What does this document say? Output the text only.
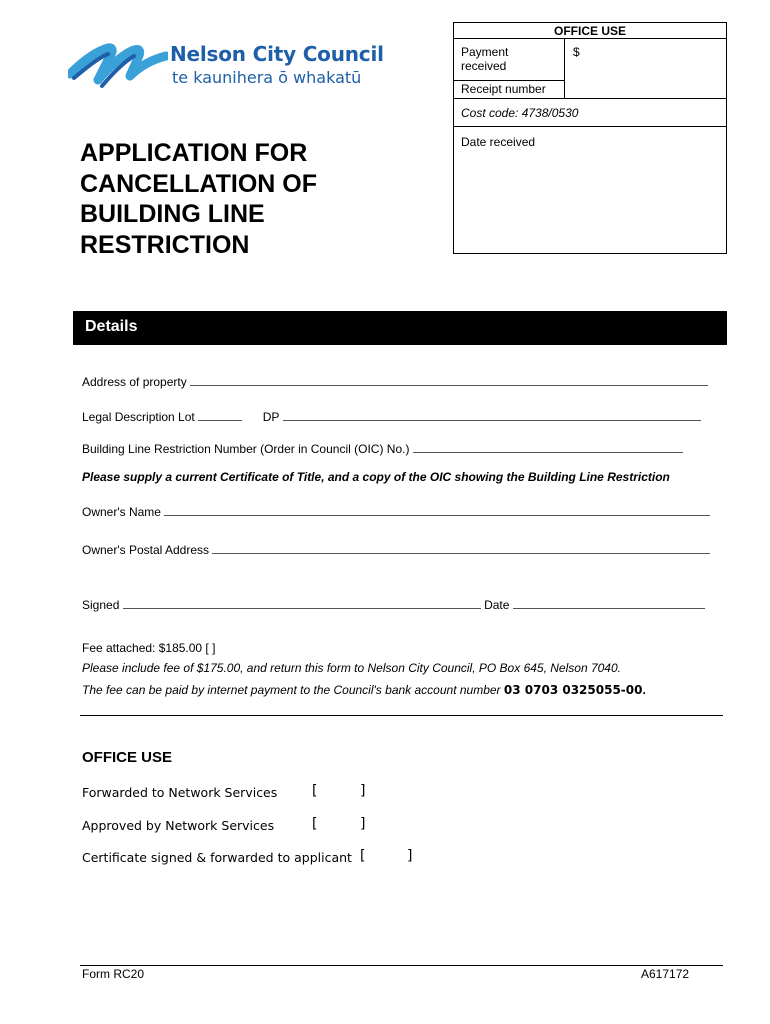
Nelson City Council
te kaunihera ō whakatū
OFFICE USE
Payment received
$
Receipt number
Cost code: 4738/0530
Date received
APPLICATION FOR
CANCELLATION OF
BUILDING LINE
RESTRICTION
Details
Address of property
Legal Description Lot	DP
Building Line Restriction Number (Order in Council (OIC) No.)
Please supply a current Certificate of Title, and a copy of the OIC showing the Building Line Restriction
Owner's Name
Owner's Postal Address
Signed	Date
Fee attached: $185.00 [ ]
Please include fee of $175.00, and return this form to Nelson City Council, PO Box 645, Nelson 7040.
The fee can be paid by internet payment to the Council's bank account number 03 0703 0325055-00.
OFFICE USE
Forwarded to Network Services [	]
Approved by Network Services	[	]
Certificate signed & forwarded to applicant [	]
Form RC20	A617172
